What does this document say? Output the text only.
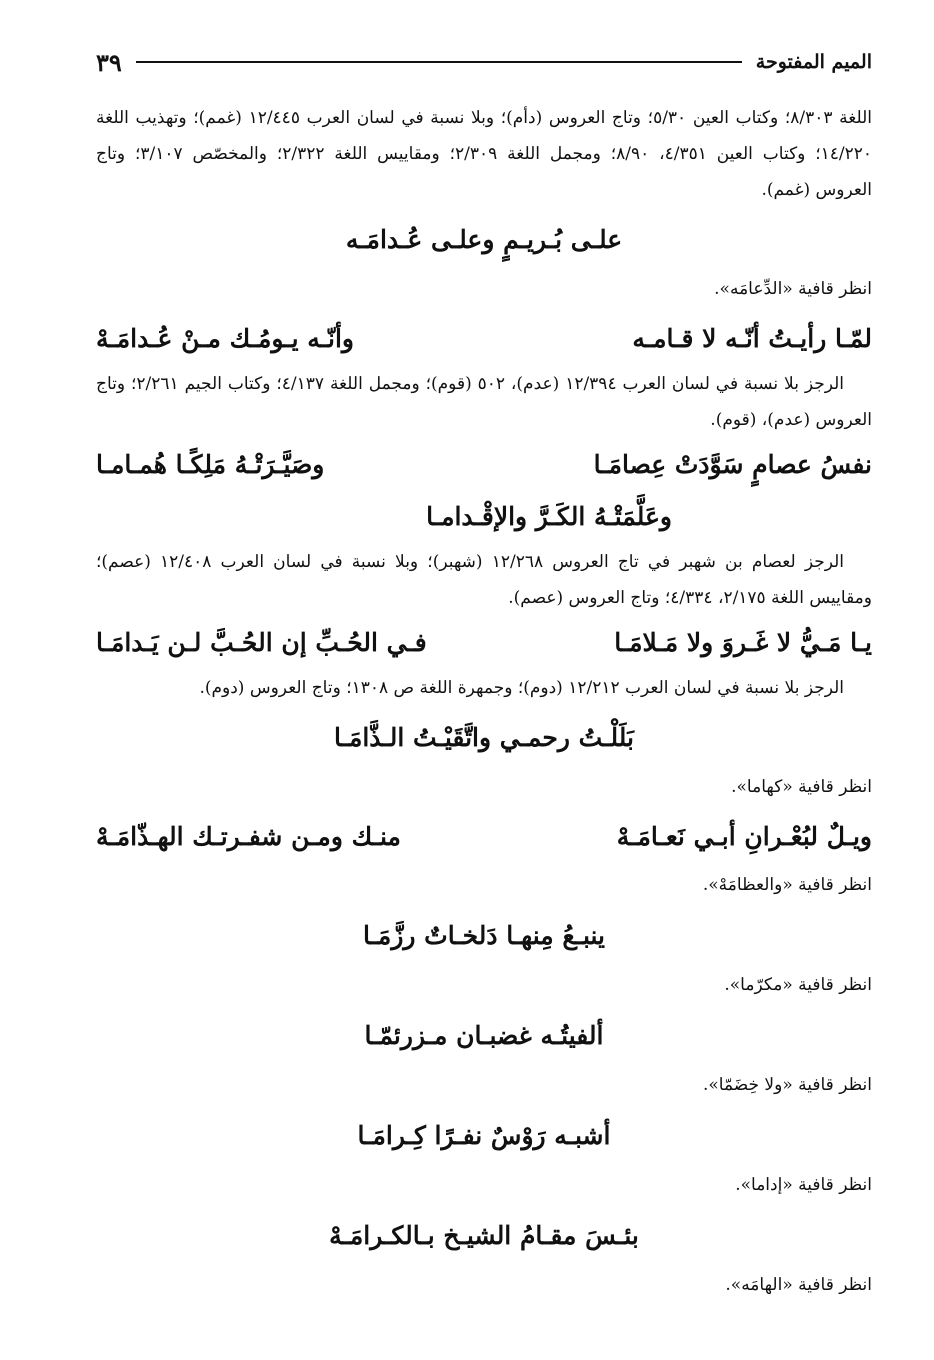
الميم المفتوحة
٣٩

اللغة ٨/٣٠٣؛ وكتاب العين ٥/٣٠؛ وتاج العروس (دأم)؛ وبلا نسبة في لسان العرب ١٢/٤٤٥ (غمم)؛ وتهذيب اللغة ١٤/٢٢٠؛ وكتاب العين ٤/٣٥١، ٨/٩٠؛ ومجمل اللغة ٢/٣٠٩؛ ومقاييس اللغة ٢/٣٢٢؛ والمخصّص ٣/١٠٧؛ وتاج العروس (غمم).

علـى بُـريـمٍ وعلـى عُـدامَـه
انظر قافية «الدِّعامَه».
لمّـا رأيـتُ أنّـه لا قـامـه
وأنّـه يـومُـك مـنْ عُـدامَـهْ

الرجز بلا نسبة في لسان العرب ١٢/٣٩٤ (عدم)، ٥٠٢ (قوم)؛ ومجمل اللغة ٤/١٣٧؛ وكتاب الجيم ٢/٢٦١؛ وتاج العروس (عدم)، (قوم).

نفسُ عصامٍ سَوَّدَتْ عِصامَـا
وصَيَّـرَتْـهُ مَلِكًـا هُمـامـا
وعَلَّمَتْـهُ الكَـرَّ والإقْـدامـا

الرجز لعصام بن شهبر في تاج العروس ١٢/٢٦٨ (شهبر)؛ وبلا نسبة في لسان العرب ١٢/٤٠٨ (عصم)؛ ومقاييس اللغة ٢/١٧٥، ٤/٣٣٤؛ وتاج العروس (عصم).

يـا مَـيُّ لا غَـروَ ولا مَـلامَـا
فـي الحُـبِّ إن الحُـبَّ لـن يَـدامَـا

الرجز بلا نسبة في لسان العرب ١٢/٢١٢ (دوم)؛ وجمهرة اللغة ص ١٣٠٨؛ وتاج العروس (دوم).

بَلَلْـتُ رحمـي واتَّقَيْـتُ الـذَّامَـا
انظر قافية «كهاما».
ويـلٌ لبُعْـرانِ أبـي نَعـامَـهْ
منـك ومـن شفـرتـك الهـذّامَـهْ
انظر قافية «والعظامَهْ».
ينبـعُ مِنهـا دَلخـاتٌ رزَّمَـا
انظر قافية «مكرّما».
ألفيتُـه غضبـان مـزرئمّـا
انظر قافية «ولا خِضَمّا».
أشبـه رَوْسٌ نفـرًا كِـرامَـا
انظر قافية «إداما».
بئـسَ مقـامُ الشيـخ بـالكـرامَـهْ
انظر قافية «الهامَه».
